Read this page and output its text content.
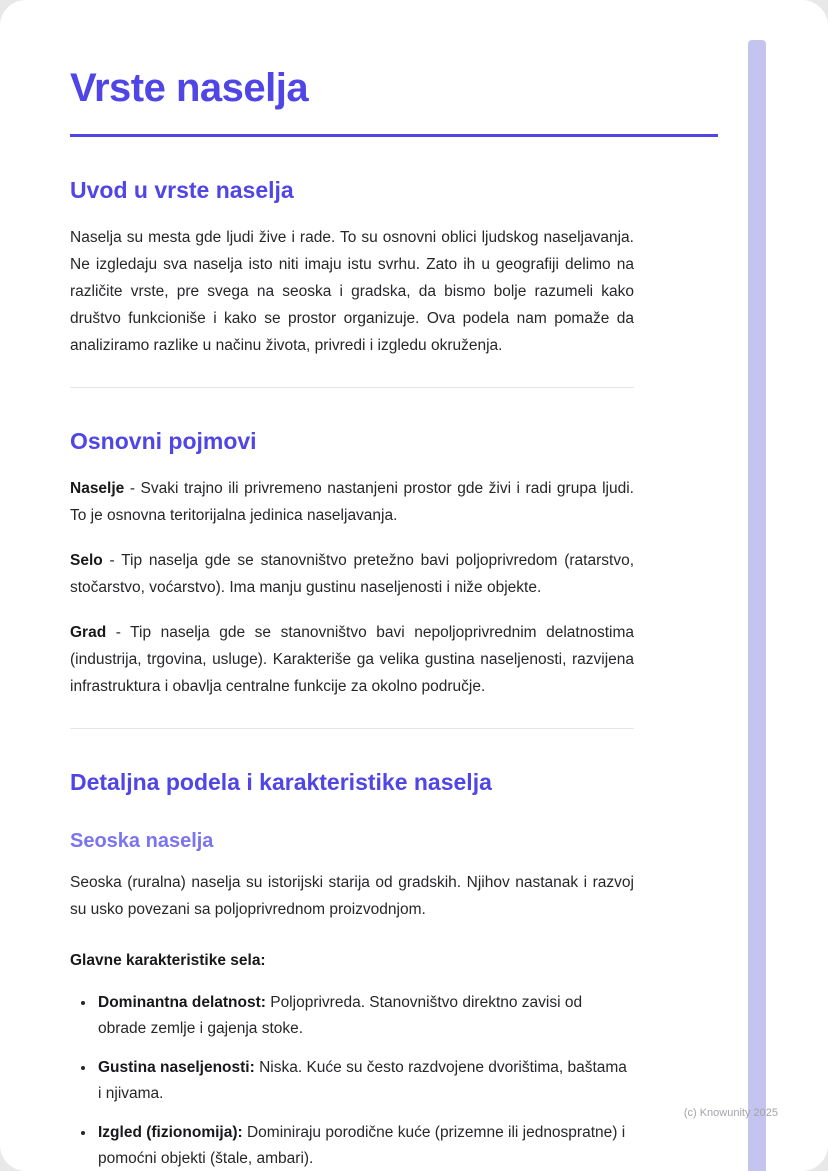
Vrste naselja
Uvod u vrste naselja

Naselja su mesta gde ljudi žive i rade. To su osnovni oblici ljudskog naseljavanja. Ne izgledaju sva naselja isto niti imaju istu svrhu. Zato ih u geografiji delimo na različite vrste, pre svega na seoska i gradska, da bismo bolje razumeli kako društvo funkcioniše i kako se prostor organizuje. Ova podela nam pomaže da analiziramo razlike u načinu života, privredi i izgledu okruženja.

Osnovni pojmovi

Naselje - Svaki trajno ili privremeno nastanjeni prostor gde živi i radi grupa ljudi. To je osnovna teritorijalna jedinica naseljavanja.

Selo - Tip naselja gde se stanovništvo pretežno bavi poljoprivredom (ratarstvo, stočarstvo, voćarstvo). Ima manju gustinu naseljenosti i niže objekte.

Grad - Tip naselja gde se stanovništvo bavi nepoljoprivrednim delatnostima (industrija, trgovina, usluge). Karakteriše ga velika gustina naseljenosti, razvijena infrastruktura i obavlja centralne funkcije za okolno područje.

Detaljna podela i karakteristike naselja
Seoska naselja

Seoska (ruralna) naselja su istorijski starija od gradskih. Njihov nastanak i razvoj su usko povezani sa poljoprivrednom proizvodnjom.

Glavne karakteristike sela:

• Dominantna delatnost: Poljoprivreda. Stanovništvo direktno zavisi od obrade zemlje i gajenja stoke.
• Gustina naseljenosti: Niska. Kuće su često razdvojene dvorištima, baštama i njivama.
• Izgled (fizionomija): Dominiraju porodične kuće (prizemne ili jednospratne) i pomoćni objekti (štale, ambari).
(c) Knowunity 2025
